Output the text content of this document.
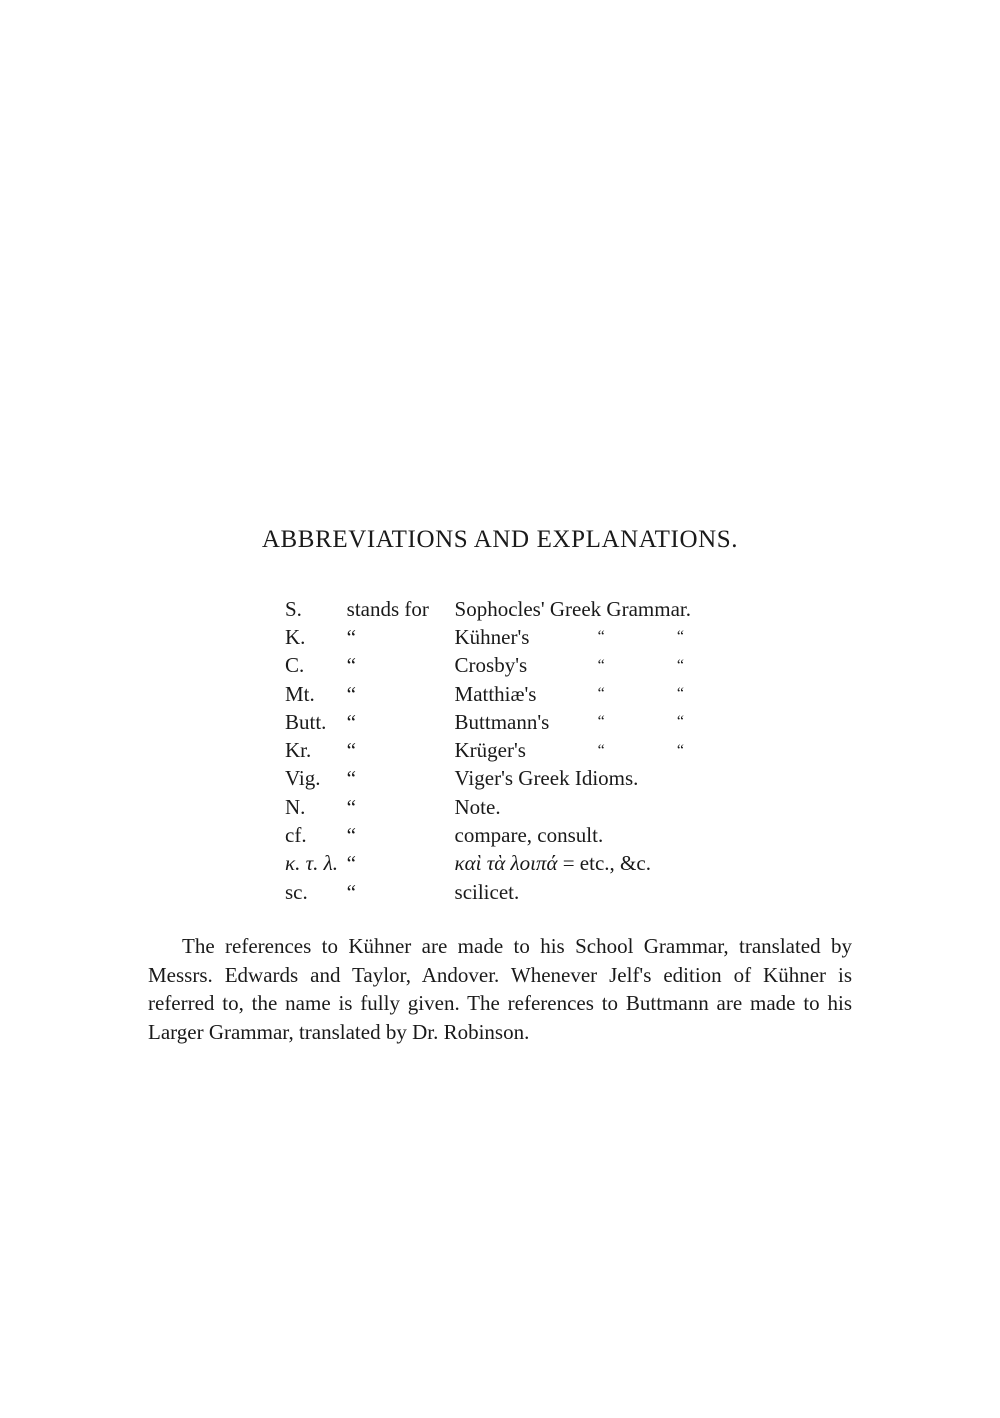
ABBREVIATIONS AND EXPLANATIONS.
S.	stands for	Sophocles' Greek Grammar.		
K.	“	Kühner's	“	“
C.	“	Crosby's	“	“
Mt.	“	Matthiæ's	“	“
Butt.	“	Buttmann's	“	“
Kr.	“	Krüger's	“	“
Vig.	“	Viger's Greek Idioms.		
N.	“	Note.		
cf.	“	compare, consult.		
κ. τ. λ.	“	καὶ τὰ λοιπά = etc., &c.		
sc.	“	scilicet.		

The references to Kühner are made to his School Grammar, translated by Messrs. Edwards and Taylor, Andover. Whenever Jelf's edition of Kühner is referred to, the name is fully given. The references to Buttmann are made to his Larger Grammar, translated by Dr. Robinson.
